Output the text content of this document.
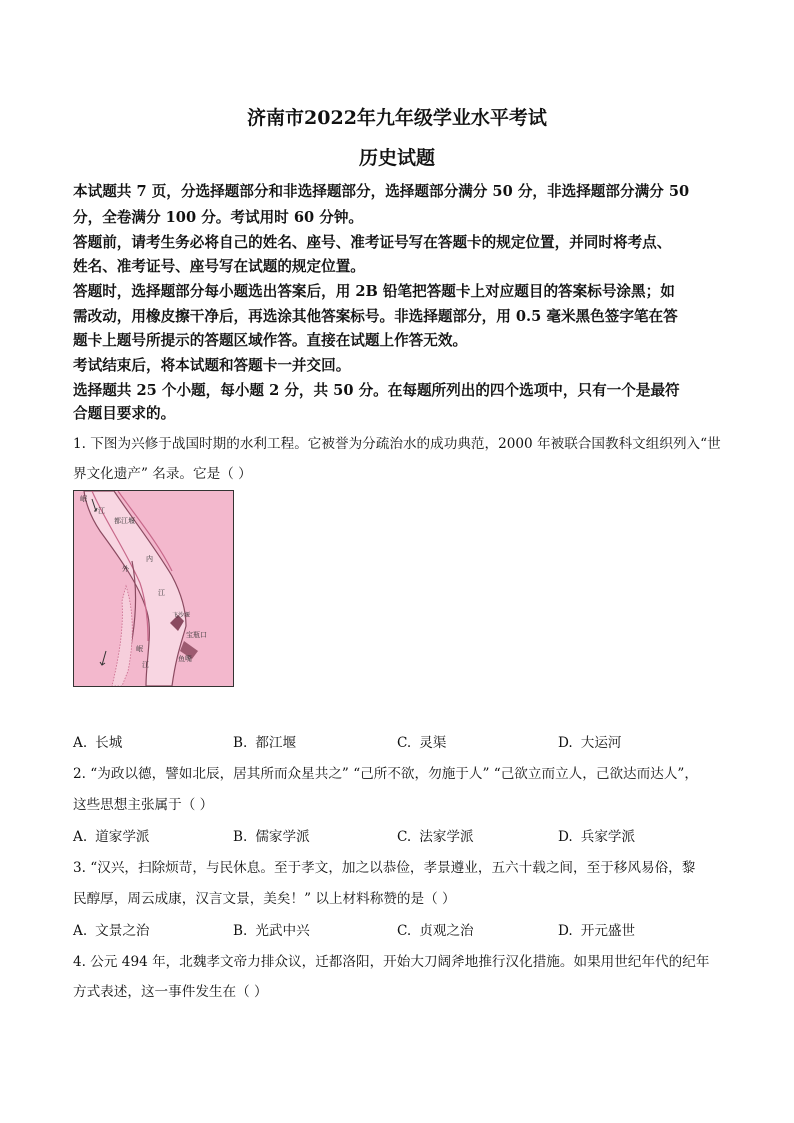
济南市2022年九年级学业水平考试
历史试题
本试题共 7 页，分选择题部分和非选择题部分，选择题部分满分 50 分，非选择题部分满分 50
分，全卷满分 100 分。考试用时 60 分钟。
答题前，请考生务必将自己的姓名、座号、准考证号写在答题卡的规定位置，并同时将考点、
姓名、准考证号、座号写在试题的规定位置。
答题时，选择题部分每小题选出答案后，用 2B 铅笔把答题卡上对应题目的答案标号涂黑；如
需改动，用橡皮擦干净后，再选涂其他答案标号。非选择题部分，用 0.5 毫米黑色签字笔在答
题卡上题号所提示的答题区域作答。直接在试题上作答无效。
考试结束后，将本试题和答题卡一并交回。
选择题共 25 个小题，每小题 2 分，共 50 分。在每题所列出的四个选项中，只有一个是最符
合题目要求的。
1. 下图为兴修于战国时期的水利工程。它被誉为分疏治水的成功典范，2000 年被联合国教科文组织列入“世
界文化遗产” 名录。它是（ ）
岷
江
都江堰
内
外
江
飞沙堰
宝瓶口
鱼嘴
岷
江
A. 长城	B. 都江堰	C. 灵渠	D. 大运河
2. “为政以德，譬如北辰，居其所而众星共之” “己所不欲，勿施于人” “己欲立而立人，己欲达而达人”，
这些思想主张属于（ ）
A. 道家学派	B. 儒家学派	C. 法家学派	D. 兵家学派
3. “汉兴，扫除烦苛，与民休息。至于孝文，加之以恭俭，孝景遵业，五六十载之间，至于移风易俗，黎
民醇厚，周云成康，汉言文景，美矣！” 以上材料称赞的是（ ）
A. 文景之治	B. 光武中兴	C. 贞观之治	D. 开元盛世
4. 公元 494 年，北魏孝文帝力排众议，迁都洛阳，开始大刀阔斧地推行汉化措施。如果用世纪年代的纪年
方式表述，这一事件发生在（ ）
